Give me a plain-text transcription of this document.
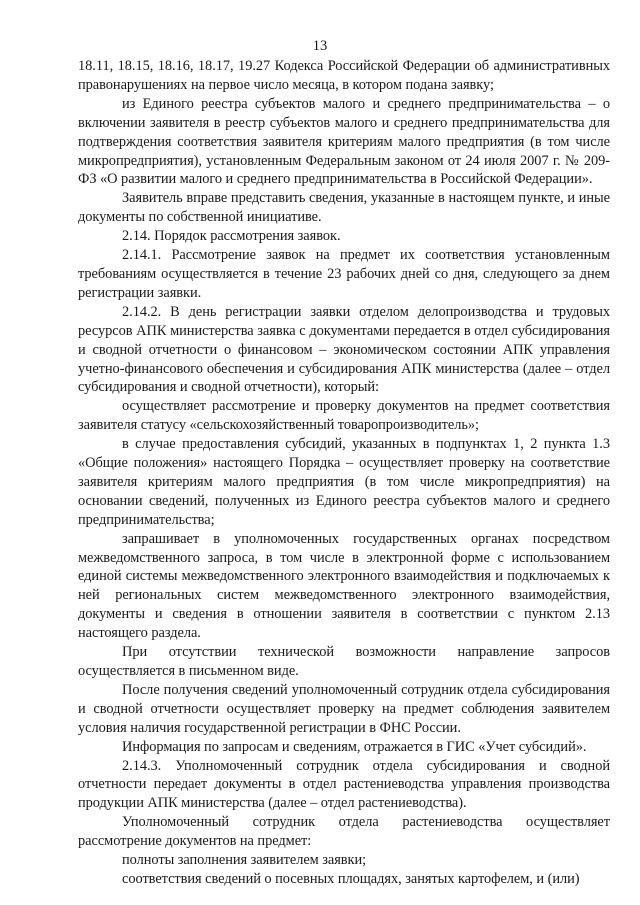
13

18.11, 18.15, 18.16, 18.17, 19.27 Кодекса Российской Федерации об административных правонарушениях на первое число месяца, в котором подана заявку;

из Единого реестра субъектов малого и среднего предпринимательства – о включении заявителя в реестр субъектов малого и среднего предпринимательства для подтверждения соответствия заявителя критериям малого предприятия (в том числе микропредприятия), установленным Федеральным законом от 24 июля 2007 г. № 209-ФЗ «О развитии малого и среднего предпринимательства в Российской Федерации».

Заявитель вправе представить сведения, указанные в настоящем пункте, и иные документы по собственной инициативе.

2.14. Порядок рассмотрения заявок.

2.14.1. Рассмотрение заявок на предмет их соответствия установленным требованиям осуществляется в течение 23 рабочих дней со дня, следующего за днем регистрации заявки.

2.14.2. В день регистрации заявки отделом делопроизводства и трудовых ресурсов АПК министерства заявка с документами передается в отдел субсидирования и сводной отчетности о финансовом – экономическом состоянии АПК управления учетно-финансового обеспечения и субсидирования АПК министерства (далее – отдел субсидирования и сводной отчетности), который:

осуществляет рассмотрение и проверку документов на предмет соответствия заявителя статусу «сельскохозяйственный товаропроизводитель»;

в случае предоставления субсидий, указанных в подпунктах 1, 2 пункта 1.3 «Общие положения» настоящего Порядка – осуществляет проверку на соответствие заявителя критериям малого предприятия (в том числе микропредприятия) на основании сведений, полученных из Единого реестра субъектов малого и среднего предпринимательства;

запрашивает в уполномоченных государственных органах посредством межведомственного запроса, в том числе в электронной форме с использованием единой системы межведомственного электронного взаимодействия и подключаемых к ней региональных систем межведомственного электронного взаимодействия, документы и сведения в отношении заявителя в соответствии с пунктом 2.13 настоящего раздела.

При отсутствии технической возможности направление запросов осуществляется в письменном виде.

После получения сведений уполномоченный сотрудник отдела субсидирования и сводной отчетности осуществляет проверку на предмет соблюдения заявителем условия наличия государственной регистрации в ФНС России.

Информация по запросам и сведениям, отражается в ГИС «Учет субсидий».

2.14.3. Уполномоченный сотрудник отдела субсидирования и сводной отчетности передает документы в отдел растениеводства управления производства продукции АПК министерства (далее – отдел растениеводства).

Уполномоченный сотрудник отдела растениеводства осуществляет рассмотрение документов на предмет:

полноты заполнения заявителем заявки;

соответствия сведений о посевных площадях, занятых картофелем, и (или)
